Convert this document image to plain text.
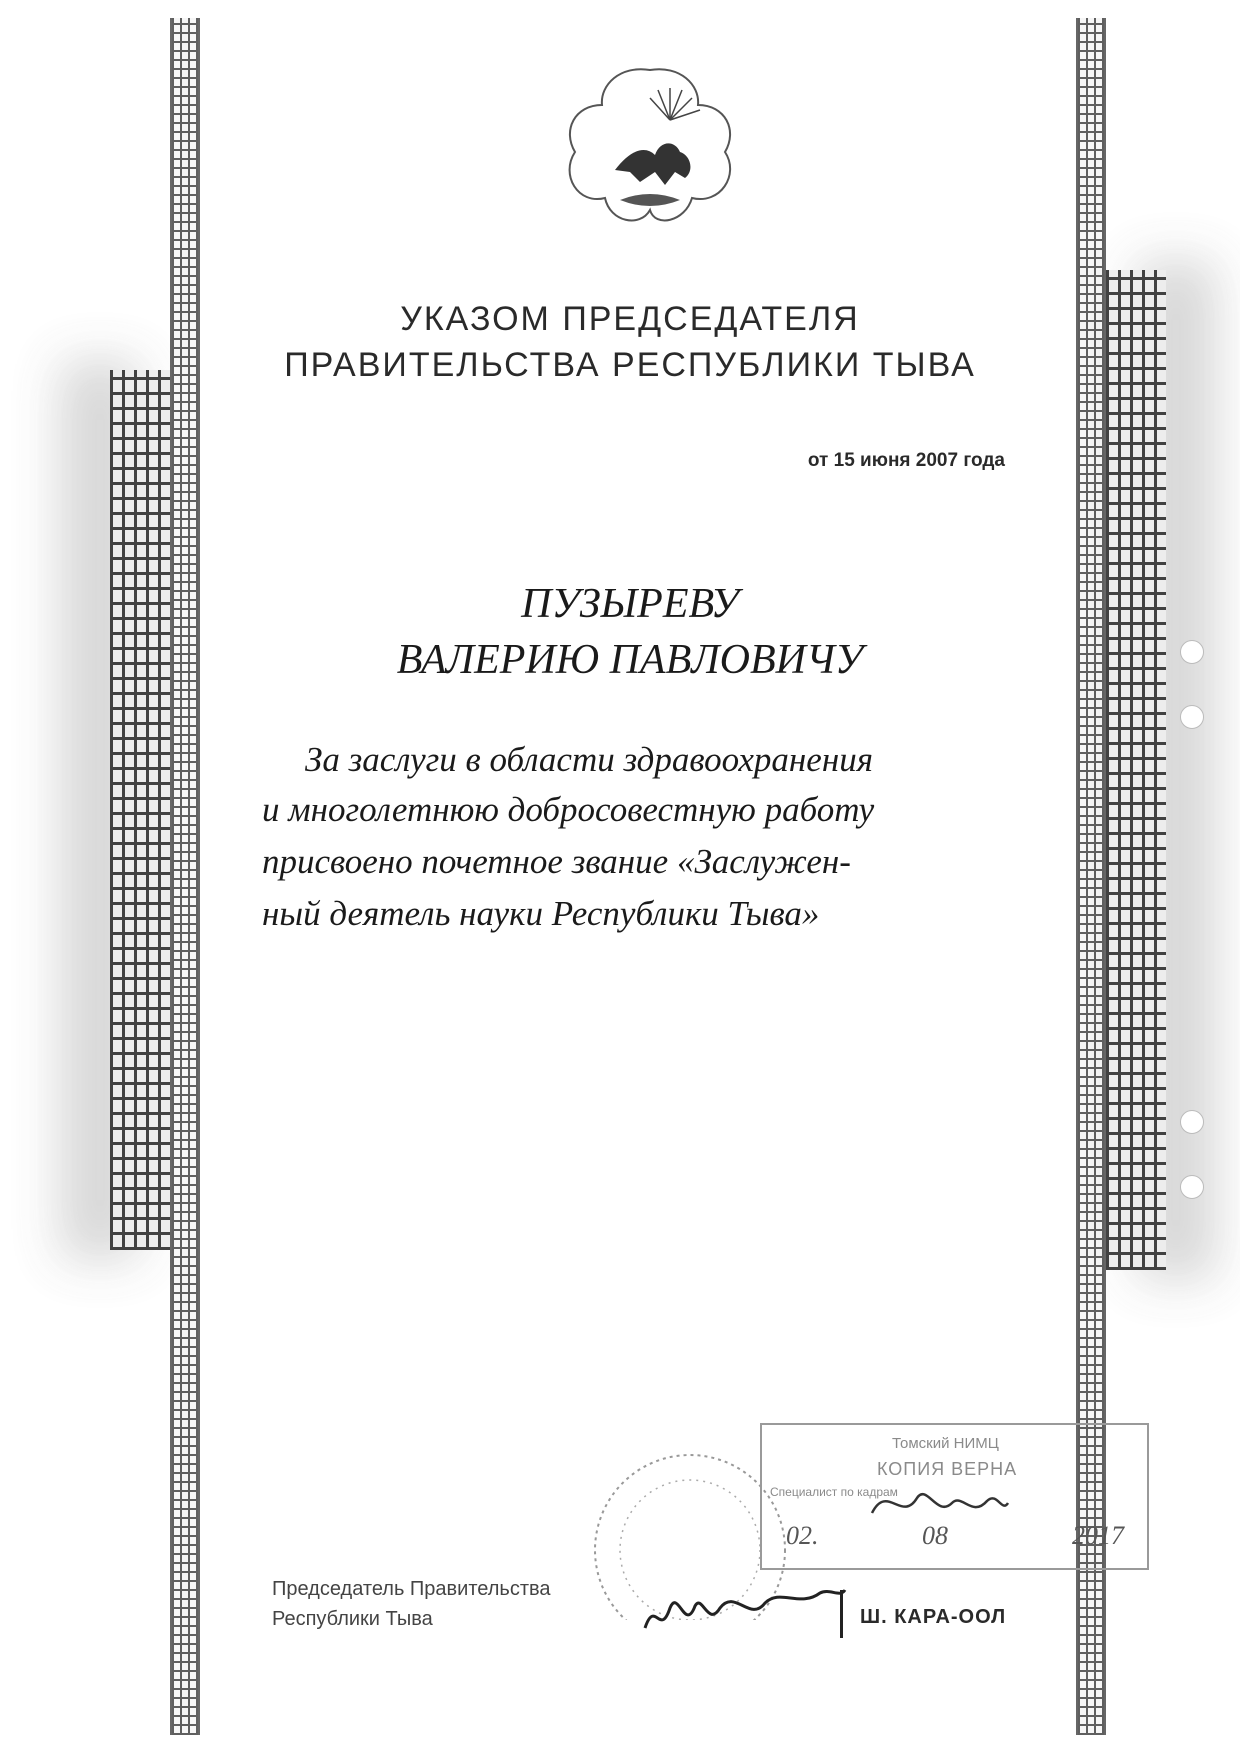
УКАЗОМ ПРЕДСЕДАТЕЛЯ

ПРАВИТЕЛЬСТВА РЕСПУБЛИКИ ТЫВА

от 15 июня 2007 года

ПУЗЫРЕВУ

ВАЛЕРИЮ ПАВЛОВИЧУ

За заслуги в области здравоохранения

и многолетнюю добросовестную работу

присвоено почетное звание «Заслужен-

ный деятель науки Республики Тыва»

Томский НИМЦ
КОПИЯ ВЕРНА
Специалист по кадрам
02.	08	2017

Председатель Правительства

Республики Тыва	Ш. КАРА-ООЛ
